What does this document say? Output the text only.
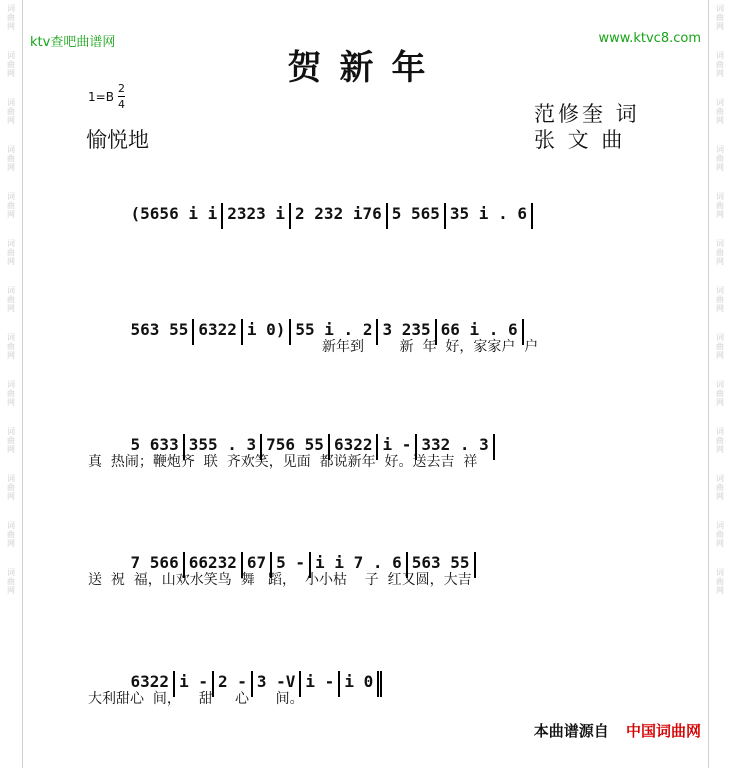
词
曲
网
词
曲
网
词
曲
网
词
曲
网
词
曲
网
词
曲
网
词
曲
网
词
曲
网
词
曲
网
词
曲
网
词
曲
网
词
曲
网
词
曲
网
词
曲
网
词
曲
网
词
曲
网
词
曲
网
词
曲
网
词
曲
网
词
曲
网
词
曲
网
词
曲
网
词
曲
网
词
曲
网
词
曲
网
词
曲
网
ktv查吧曲谱网	www.ktvc8.com
贺新年
1=B
2
4
愉悦地
范修奎 词
张 文 曲

(5656 i i 2323 i 2 232 i76 5 565 35 i . 6

563 55 6322 i 0) 55 i . 2 3 235 66 i . 6

新年到        新  年  好，家家户  户

5 633 355 . 3 756 55 6322 i - 332 . 3

真  热闹；鞭炮齐  联  齐欢笑，见面  都说新年  好。送去吉  祥

7 566 66232 67 5 - i i 7 . 6 563 55

送  祝  福，山欢水笑鸟  舞   蹈，  小小枯    子  红又圆，大吉

6322 i - 2 - 3 -V i - i 0

大利甜心  间，    甜     心      间。
本曲谱源自 中国词曲网
